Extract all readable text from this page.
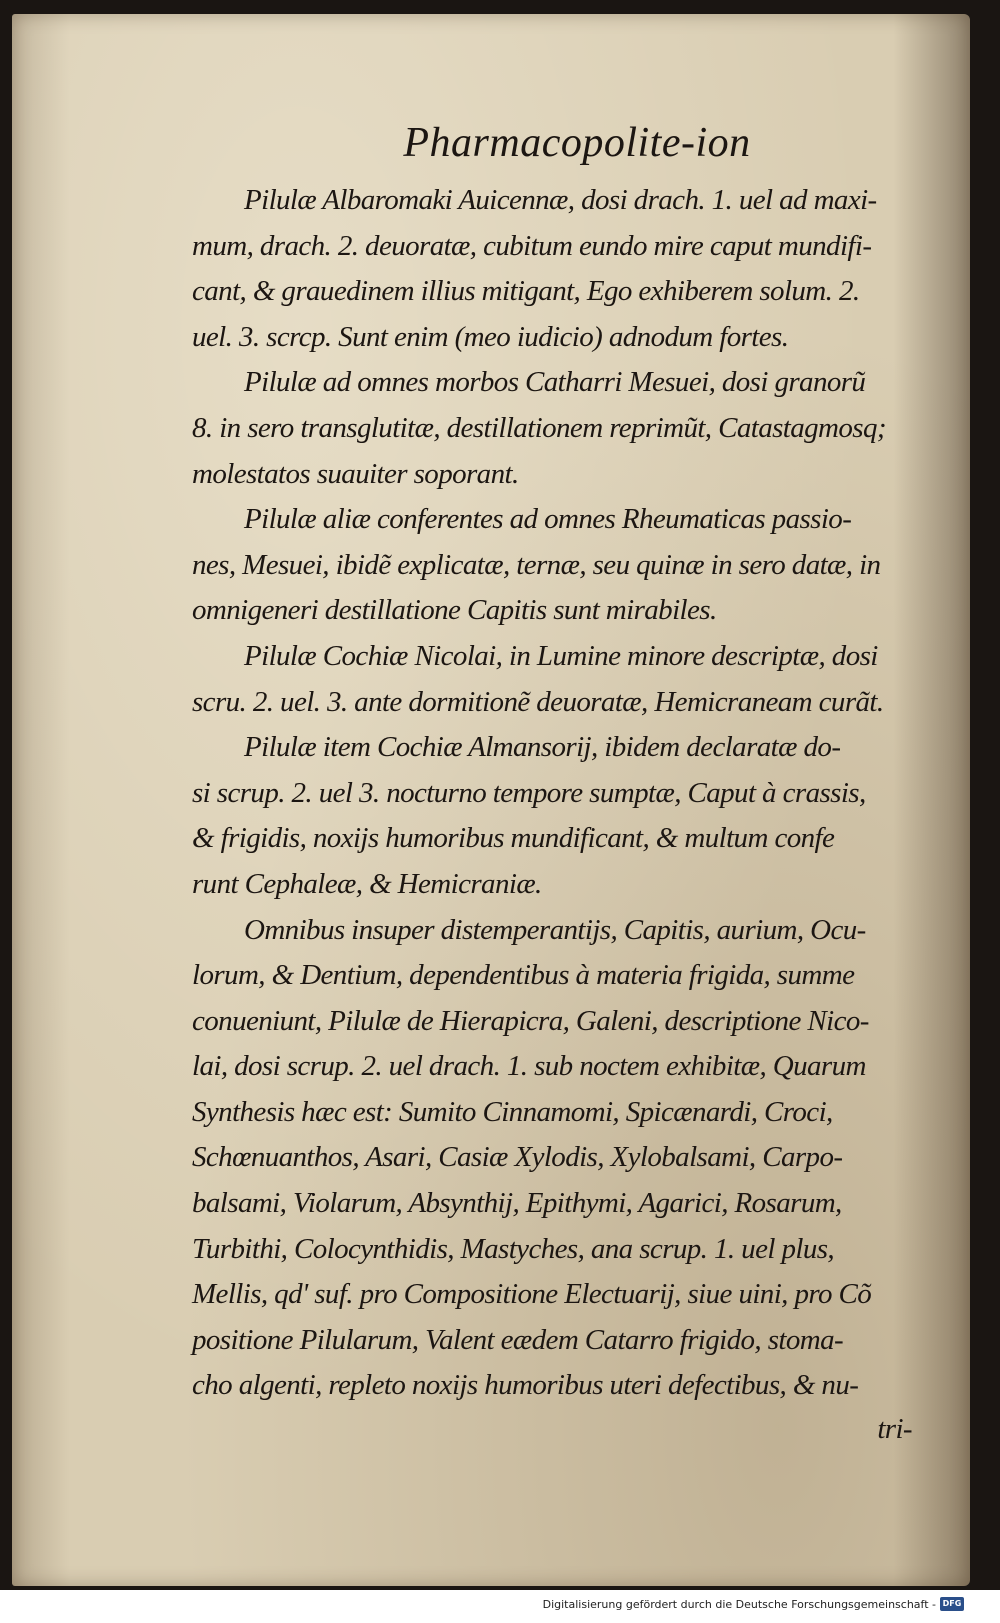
Pharmacopolite-ion
Pilulæ Albaromaki Auicennæ, dosi drach. 1. uel ad maxi-
mum, drach. 2. deuoratæ, cubitum eundo mire caput mundifi-
cant, & grauedinem illius mitigant, Ego exhiberem solum. 2.
uel. 3. scrcp. Sunt enim (meo iudicio) adnodum fortes.
Pilulæ ad omnes morbos Catharri Mesuei, dosi granorũ
8. in sero transglutitæ, destillationem reprimũt, Catastagmosq;
molestatos suauiter soporant.
Pilulæ aliæ conferentes ad omnes Rheumaticas passio-
nes, Mesuei, ibidẽ explicatæ, ternæ, seu quinæ in sero datæ, in
omnigeneri destillatione Capitis sunt mirabiles.
Pilulæ Cochiæ Nicolai, in Lumine minore descriptæ, dosi
scru. 2. uel. 3. ante dormitionẽ deuoratæ, Hemicraneam curãt.
Pilulæ item Cochiæ Almansorij, ibidem declaratæ do-
si scrup. 2. uel 3. nocturno tempore sumptæ, Caput à crassis,
& frigidis, noxijs humoribus mundificant, & multum confe
runt Cephaleæ, & Hemicraniæ.
Omnibus insuper distemperantijs, Capitis, aurium, Ocu-
lorum, & Dentium, dependentibus à materia frigida, summe
conueniunt, Pilulæ de Hierapicra, Galeni, descriptione Nico-
lai, dosi scrup. 2. uel drach. 1. sub noctem exhibitæ, Quarum
Synthesis hæc est: Sumito Cinnamomi, Spicænardi, Croci,
Schœnuanthos, Asari, Casiæ Xylodis, Xylobalsami, Carpo-
balsami, Violarum, Absynthij, Epithymi, Agarici, Rosarum,
Turbithi, Colocynthidis, Mastyches, ana scrup. 1. uel plus,
Mellis, qd' suf. pro Compositione Electuarij, siue uini, pro Cõ
positione Pilularum, Valent eædem Catarro frigido, stoma-
cho algenti, repleto noxijs humoribus uteri defectibus, & nu-
tri-
Digitalisierung gefördert durch die Deutsche Forschungsgemeinschaft - DFG
